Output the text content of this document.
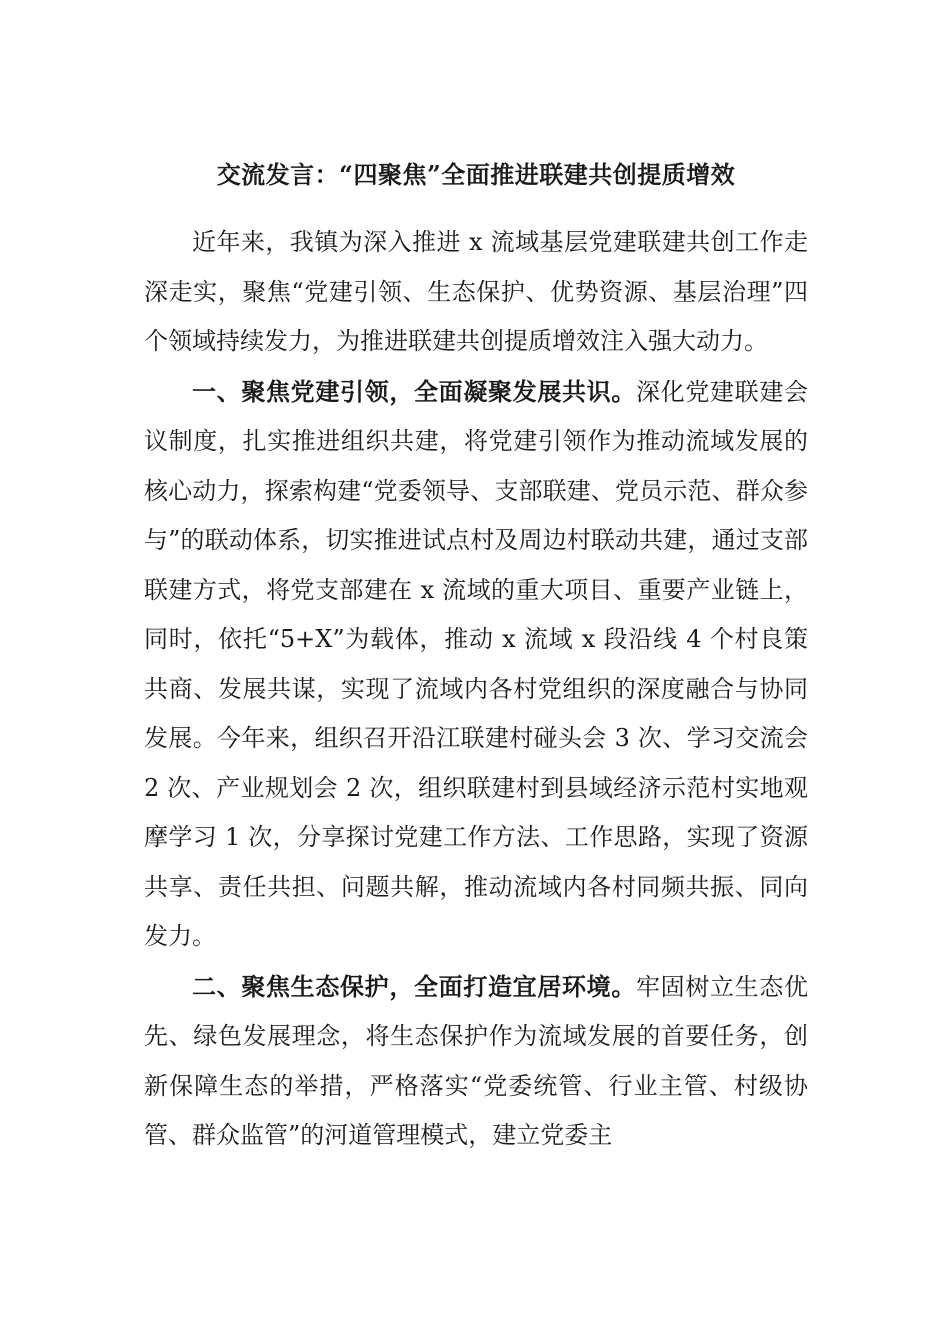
交流发言：“四聚焦”全面推进联建共创提质增效

近年来，我镇为深入推进 x 流域基层党建联建共创工作走深走实，聚焦“党建引领、生态保护、优势资源、基层治理”四个领域持续发力，为推进联建共创提质增效注入强大动力。

一、聚焦党建引领，全面凝聚发展共识。深化党建联建会议制度，扎实推进组织共建，将党建引领作为推动流域发展的核心动力，探索构建“党委领导、支部联建、党员示范、群众参与”的联动体系，切实推进试点村及周边村联动共建，通过支部联建方式，将党支部建在 x 流域的重大项目、重要产业链上，同时，依托“5+X”为载体，推动 x 流域 x 段沿线 4 个村良策共商、发展共谋，实现了流域内各村党组织的深度融合与协同发展。今年来，组织召开沿江联建村碰头会 3 次、学习交流会 2 次、产业规划会 2 次，组织联建村到县域经济示范村实地观摩学习 1 次，分享探讨党建工作方法、工作思路，实现了资源共享、责任共担、问题共解，推动流域内各村同频共振、同向发力。

二、聚焦生态保护，全面打造宜居环境。牢固树立生态优先、绿色发展理念，将生态保护作为流域发展的首要任务，创新保障生态的举措，严格落实“党委统管、行业主管、村级协管、群众监管”的河道管理模式，建立党委主
